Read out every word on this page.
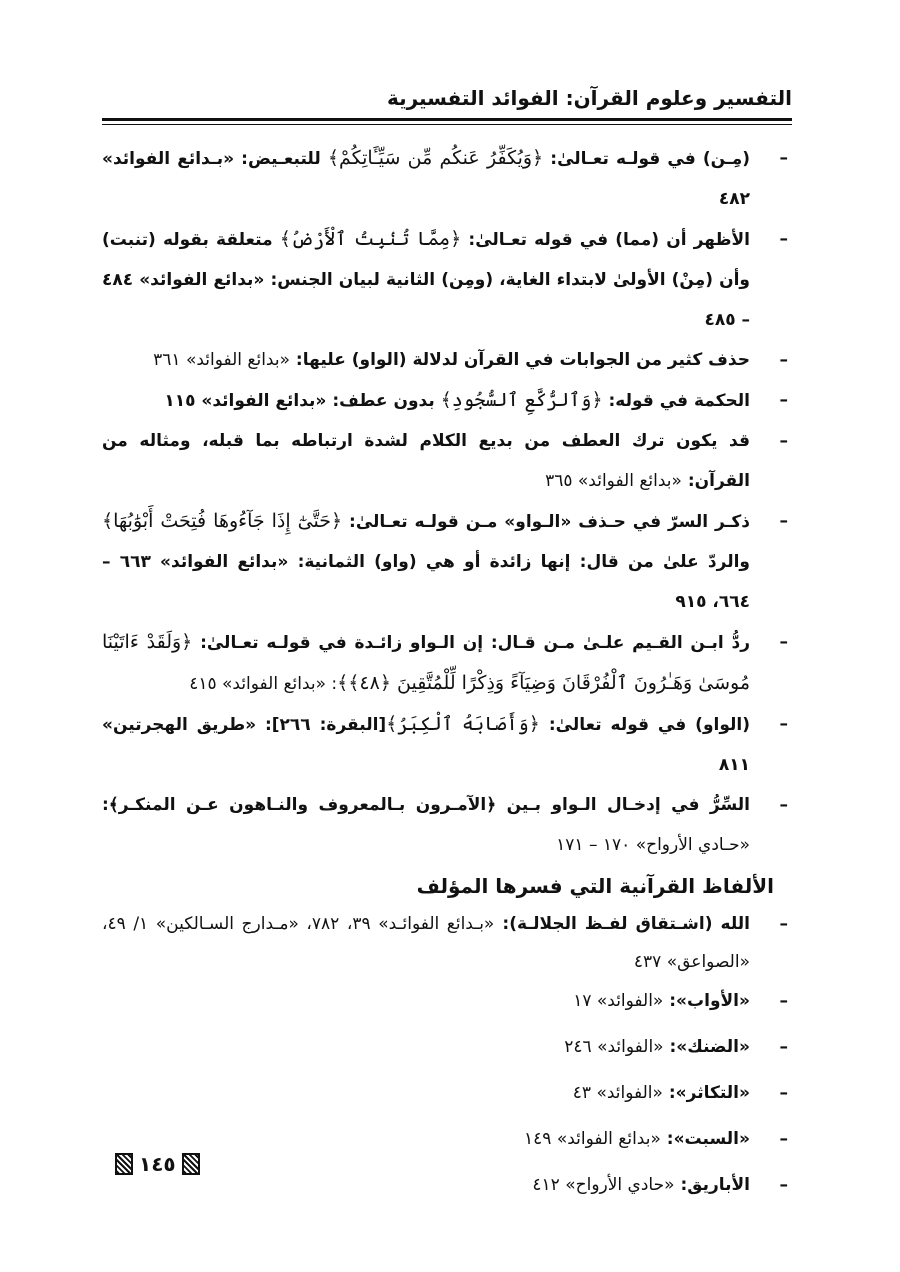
التفسير وعلوم القرآن: الفوائد التفسيرية
–
(مِـن) في قولـه تعـالىٰ: ﴿وَيُكَفِّرُ عَنكُم مِّن سَيِّـَٔاتِكُمْ﴾ للتبعـيض: «بـدائع الفوائد» ٤٨٢
–
الأظهر أن (مما) في قوله تعـالىٰ: ﴿مِمَّا تُنۢبِتُ ٱلْأَرْضُ﴾ متعلقة بقوله (تنبت) وأن (مِنْ) الأولىٰ لابتداء الغاية، (ومِن) الثانية لبيان الجنس: «بدائع الفوائد» ٤٨٤ – ٤٨٥
–
حذف كثير من الجوابات في القرآن لدلالة (الواو) عليها: «بدائع الفوائد» ٣٦١
–
الحكمة في قوله: ﴿وَٱلرُّكَّعِ ٱلسُّجُودِ﴾ بدون عطف: «بدائع الفوائد» ١١٥
–
قد يكون ترك العطف من بديع الكلام لشدة ارتباطه بما قبله، ومثاله من القرآن: «بدائع الفوائد» ٣٦٥
–
ذكـر السرّ في حـذف «الـواو» مـن قولـه تعـالىٰ: ﴿حَتَّىٰٓ إِذَا جَآءُوهَا فُتِحَتْ أَبْوَٰبُهَا﴾ والردّ علىٰ من قال: إنها زائدة أو هي (واو) الثمانية: «بدائع الفوائد» ٦٦٣ – ٦٦٤، ٩١٥
–
ردُّ ابـن القـيم علـىٰ مـن قـال: إن الـواو زائـدة في قولـه تعـالىٰ: ﴿وَلَقَدْ ءَاتَيْنَا مُوسَىٰ وَهَـٰرُونَ ٱلْفُرْقَانَ وَضِيَآءً وَذِكْرًا لِّلْمُتَّقِينَ ﴿٤٨﴾﴾: «بدائع الفوائد» ٤١٥
–
(الواو) في قوله تعالىٰ: ﴿وَأَصَابَهُ ٱلْكِبَرُ﴾[البقرة: ٢٦٦]: «طريق الهجرتين» ٨١١
–
السِّرُّ في إدخـال الـواو بـين ﴿الآمـرون بـالمعروف والنـاهون عـن المنكـر﴾: «حـادي الأرواح» ١٧٠ – ١٧١
الألفاظ القرآنية التي فسرها المؤلف
–
الله (اشـتقاق لفـظ الجلالـة): «بـدائع الفوائـد» ٣٩، ٧٨٢، «مـدارج السـالكين» ١/ ٤٩، «الصواعق» ٤٣٧
–
«الأواب»: «الفوائد» ١٧
–
«الضنك»: «الفوائد» ٢٤٦
–
«التكاثر»: «الفوائد» ٤٣
–
«السبت»: «بدائع الفوائد» ١٤٩
–
الأباريق: «حادي الأرواح» ٤١٢
١٤٥
